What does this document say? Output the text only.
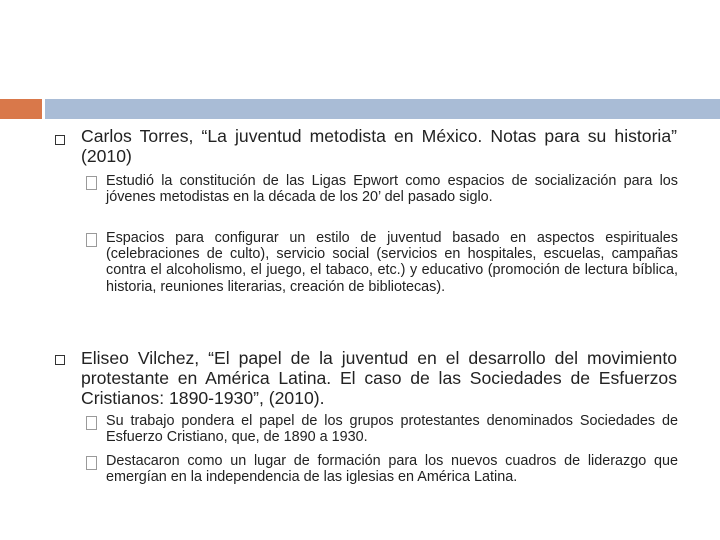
Carlos Torres, “La juventud metodista en México. Notas para su historia” (2010)
Estudió la constitución de las Ligas Epwort como espacios de socialización para los jóvenes metodistas en la década de los 20’ del pasado siglo.
Espacios para configurar un estilo de juventud basado en aspectos espirituales (celebraciones de culto), servicio social (servicios en hospitales, escuelas, campañas contra el alcoholismo, el juego, el tabaco, etc.) y educativo (promoción de lectura bíblica, historia, reuniones literarias, creación de bibliotecas).
Eliseo Vilchez, “El papel de la juventud en el desarrollo del movimiento protestante en América Latina. El caso de las Sociedades de Esfuerzos Cristianos: 1890-1930”, (2010).
Su trabajo pondera el papel de los grupos protestantes denominados Sociedades de Esfuerzo Cristiano, que, de 1890 a 1930.
Destacaron como un lugar de formación para los nuevos cuadros de liderazgo que emergían en la independencia de las iglesias en América Latina.
